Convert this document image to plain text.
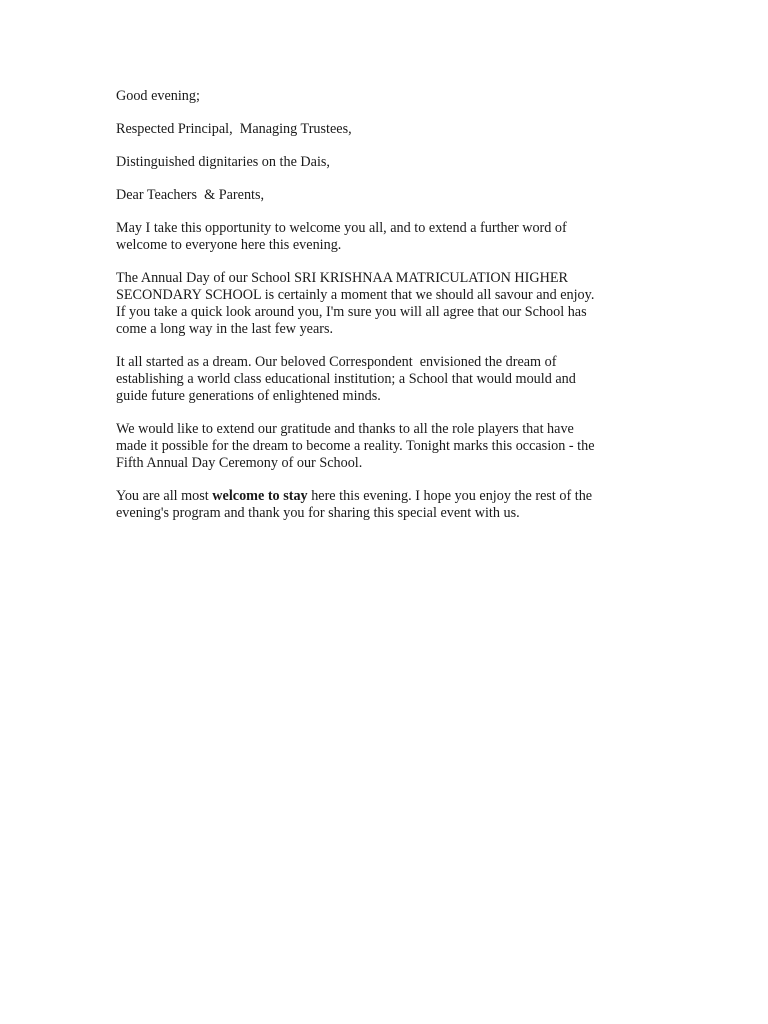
Good evening;

Respected Principal,  Managing Trustees,

Distinguished dignitaries on the Dais,

Dear Teachers  & Parents,

May I take this opportunity to welcome you all, and to extend a further word of
welcome to everyone here this evening.

The Annual Day of our School SRI KRISHNAA MATRICULATION HIGHER
SECONDARY SCHOOL is certainly a moment that we should all savour and enjoy.
If you take a quick look around you, I'm sure you will all agree that our School has
come a long way in the last few years.

It all started as a dream. Our beloved Correspondent  envisioned the dream of
establishing a world class educational institution; a School that would mould and
guide future generations of enlightened minds.

We would like to extend our gratitude and thanks to all the role players that have
made it possible for the dream to become a reality. Tonight marks this occasion - the
Fifth Annual Day Ceremony of our School.

You are all most welcome to stay here this evening. I hope you enjoy the rest of the
evening's program and thank you for sharing this special event with us.
